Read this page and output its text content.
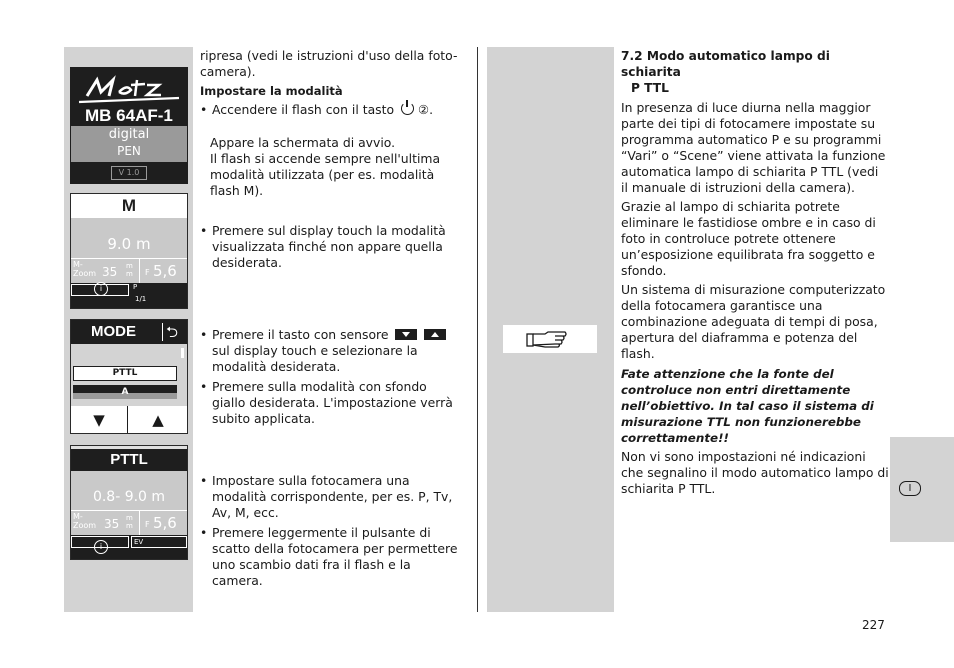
MB 64AF-1
digital
PEN
V 1.0
M
9.0 m
M-
Zoom 35 m
m F 5,6
i	P
1/1
MODE ⮌
PTTL
A
▼	▲
PTTL
0.8- 9.0 m
M-
Zoom 35 m
m F 5,6
i	EV

ripresa (vedi le istruzioni d'uso della foto-camera).

Impostare la modalità

• Accendere il flash con il tasto ②.

Appare la schermata di avvio.

Il flash si accende sempre nell'ultima modalità utilizzata (per es. modalità flash M).

• Premere sul display touch la modalità visualizzata finché non appare quella desiderata.

• Premere il tasto con sensore

sul display touch e selezionare la modalità desiderata.

• Premere sulla modalità con sfondo giallo desiderata. L'impostazione verrà subito applicata.

• Impostare sulla fotocamera una modalità corrispondente, per es. P, Tv, Av, M, ecc.

• Premere leggermente il pulsante di scatto della fotocamera per permettere uno scambio dati fra il flash e la camera.

7.2 Modo automatico lampo di schiarita

P TTL

In presenza di luce diurna nella maggior parte dei tipi di fotocamere impostate su programma automatico P e su programmi “Vari” o “Scene” viene attivata la funzione automatica lampo di schiarita P TTL (vedi il manuale di istruzioni della camera).

Grazie al lampo di schiarita potrete eliminare le fastidiose ombre e in caso di foto in controluce potrete ottenere un’esposizione equilibrata fra soggetto e sfondo.

Un sistema di misurazione computerizzato della fotocamera garantisce una combinazione adeguata di tempi di posa, apertura del diaframma e potenza del flash.

Fate attenzione che la fonte del controluce non entri direttamente nell’obiettivo. In tal caso il sistema di misurazione TTL non funzionerebbe correttamente!!

Non vi sono impostazioni né indicazioni che segnalino il modo automatico lampo di schiarita P TTL.	I
227
